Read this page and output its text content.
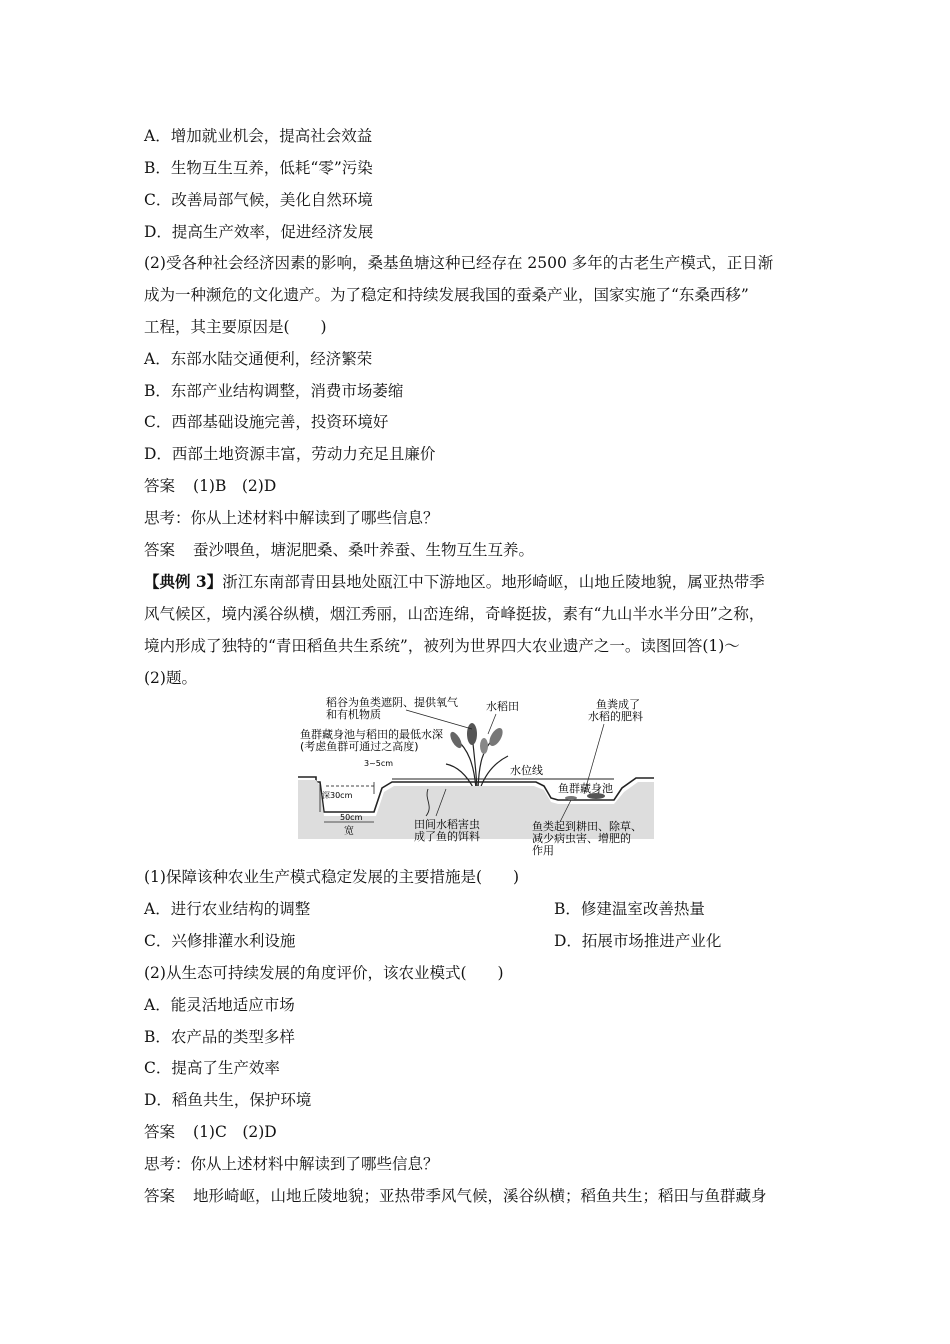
A．增加就业机会，提高社会效益
B．生物互生互养，低耗“零”污染
C．改善局部气候，美化自然环境
D．提高生产效率，促进经济发展
(2)受各种社会经济因素的影响，桑基鱼塘这种已经存在 2500 多年的古老生产模式，正日渐
成为一种濒危的文化遗产。为了稳定和持续发展我国的蚕桑产业，国家实施了“东桑西移”
工程，其主要原因是(　　)
A．东部水陆交通便利，经济繁荣
B．东部产业结构调整，消费市场萎缩
C．西部基础设施完善，投资环境好
D．西部土地资源丰富，劳动力充足且廉价
答案 (1)B　(2)D
思考：你从上述材料中解读到了哪些信息？
答案 蚕沙喂鱼，塘泥肥桑、桑叶养蚕、生物互生互养。
【典例 3】浙江东南部青田县地处瓯江中下游地区。地形崎岖，山地丘陵地貌，属亚热带季
风气候区，境内溪谷纵横，烟江秀丽，山峦连绵，奇峰挺拔，素有“九山半水半分田”之称，
境内形成了独特的“青田稻鱼共生系统”，被列为世界四大农业遗产之一。读图回答(1)～
(2)题。
稻谷为鱼类遮阴、提供氧气
和有机物质
水稻田
鱼群藏身池与稻田的最低水深
(考虑鱼群可通过之高度)
3~5cm
深30cm
50cm
宽
鱼粪成了
水稻的肥料
水位线
鱼群藏身池
田间水稻害虫
成了鱼的饵料
鱼类起到耕田、除草、
减少病虫害、增肥的
作用
(1)保障该种农业生产模式稳定发展的主要措施是(　　)
A．进行农业结构的调整	B．修建温室改善热量
C．兴修排灌水利设施	D．拓展市场推进产业化
(2)从生态可持续发展的角度评价，该农业模式(　　)
A．能灵活地适应市场
B．农产品的类型多样
C．提高了生产效率
D．稻鱼共生，保护环境
答案 (1)C　(2)D
思考：你从上述材料中解读到了哪些信息？
答案 地形崎岖，山地丘陵地貌；亚热带季风气候，溪谷纵横；稻鱼共生；稻田与鱼群藏身
